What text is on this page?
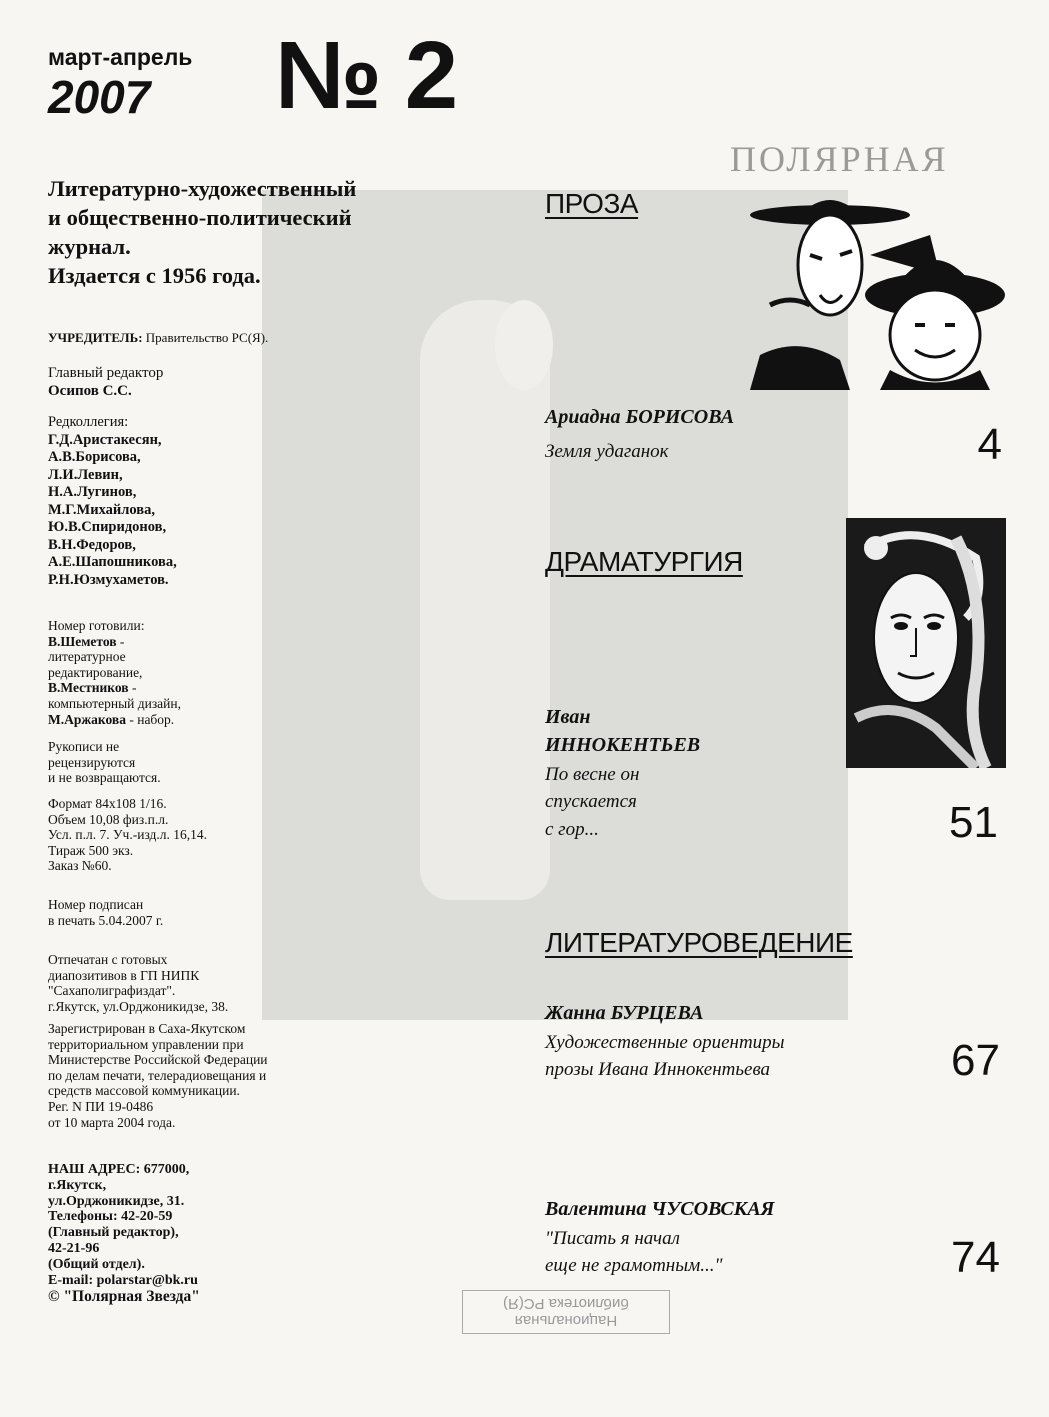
ПОЛЯРНАЯ
март-апрель
2007 № 2
Литературно-художественный
и общественно-политический
журнал.
Издается с 1956 года.
УЧРЕДИТЕЛЬ: Правительство РС(Я).
Главный редактор
Осипов С.С.
Редколлегия:
Г.Д.Аристакесян,
А.В.Борисова,
Л.И.Левин,
Н.А.Лугинов,
М.Г.Михайлова,
Ю.В.Спиридонов,
В.Н.Федоров,
А.Е.Шапошникова,
Р.Н.Юзмухаметов.
Номер готовили:
В.Шеметов -
литературное
редактирование,
В.Местников -
компьютерный дизайн,
М.Аржакова - набор.
Рукописи не
рецензируются
и не возвращаются.
Формат 84х108 1/16.
Объем 10,08 физ.п.л.
Усл. п.л. 7. Уч.-изд.л. 16,14.
Тираж 500 экз.
Заказ №60.
Номер подписан
в печать 5.04.2007 г.
Отпечатан с готовых
диапозитивов в ГП НИПК
"Сахаполиграфиздат".
г.Якутск, ул.Орджоникидзе, 38.
Зарегистрирован в Саха-Якутском
территориальном управлении при
Министерстве Российской Федерации
по делам печати, телерадиовещания и
средств массовой коммуникации.
Рег. N ПИ 19-0486
от 10 марта 2004 года.
НАШ АДРЕС: 677000,
г.Якутск,
ул.Орджоникидзе, 31.
Телефоны: 42-20-59
(Главный редактор),
42-21-96
(Общий отдел).
E-mail: polarstar@bk.ru
© "Полярная Звезда"
ПРОЗА
Ариадна БОРИСОВА
Земля удаганок	4
ДРАМАТУРГИЯ
Иван
ИННОКЕНТЬЕВ
По весне он
спускается
с гор...	51
ЛИТЕРАТУРОВЕДЕНИЕ
Жанна БУРЦЕВА
Художественные ориентиры
прозы Ивана Иннокентьева	67
Валентина ЧУСОВСКАЯ
"Писать я начал
еще не грамотным..."	74
Национальная
библиотека РС(Я)
